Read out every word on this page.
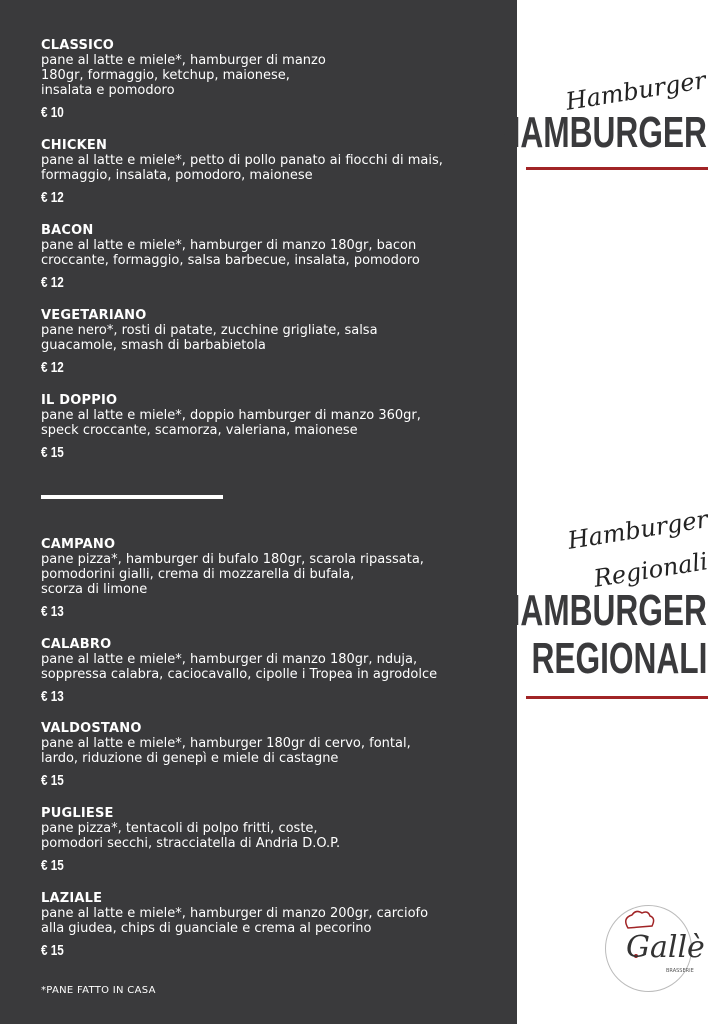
CLASSICO
pane al latte e miele*, hamburger di manzo
180gr, formaggio, ketchup, maionese,
insalata e pomodoro
€ 10
CHICKEN
pane al latte e miele*, petto di pollo panato ai fiocchi di mais,
formaggio, insalata, pomodoro, maionese
€ 12
BACON
pane al latte e miele*, hamburger di manzo 180gr, bacon
croccante, formaggio, salsa barbecue, insalata, pomodoro
€ 12
VEGETARIANO
pane nero*, rosti di patate, zucchine grigliate, salsa
guacamole, smash di barbabietola
€ 12
IL DOPPIO
pane al latte e miele*, doppio hamburger di manzo 360gr,
speck croccante, scamorza, valeriana, maionese
€ 15
CAMPANO
pane pizza*, hamburger di bufalo 180gr, scarola ripassata,
pomodorini gialli, crema di mozzarella di bufala,
scorza di limone
€ 13
CALABRO
pane al latte e miele*, hamburger di manzo 180gr, nduja,
soppressa calabra, caciocavallo, cipolle i Tropea in agrodolce
€ 13
VALDOSTANO
pane al latte e miele*, hamburger 180gr di cervo, fontal,
lardo, riduzione di genepì e miele di castagne
€ 15
PUGLIESE
pane pizza*, tentacoli di polpo fritti, coste,
pomodori secchi, stracciatella di Andria D.O.P.
€ 15
LAZIALE
pane al latte e miele*, hamburger di manzo 200gr, carciofo
alla giudea, chips di guanciale e crema al pecorino
€ 15
*PANE FATTO IN CASA
Hamburger
HAMBURGER
Hamburger
Regionali
HAMBURGER
REGIONALI
Gallè
BRASSERIE
